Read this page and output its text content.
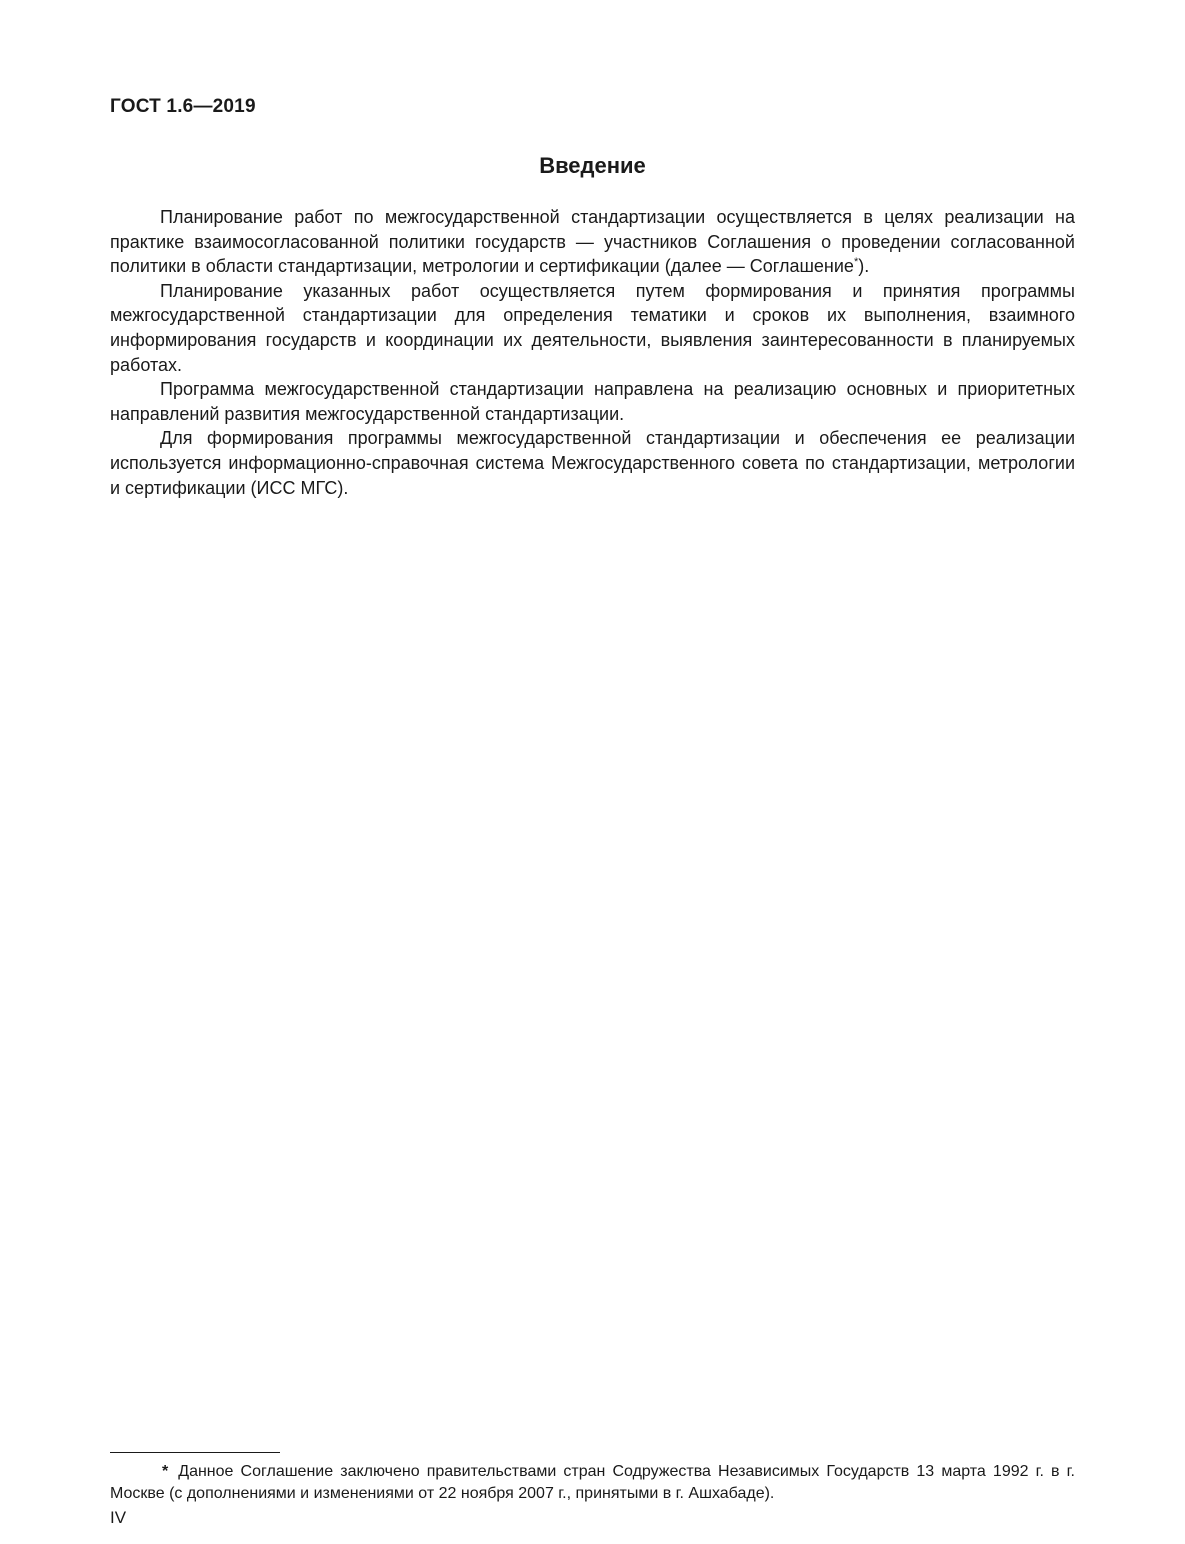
ГОСТ 1.6—2019
Введение

Планирование работ по межгосударственной стандартизации осуществляется в целях реализации на практике взаимосогласованной политики государств — участников Соглашения о проведении согласованной политики в области стандартизации, метрологии и сертификации (далее — Соглашение*).

Планирование указанных работ осуществляется путем формирования и принятия программы межгосударственной стандартизации для определения тематики и сроков их выполнения, взаимного информирования государств и координации их деятельности, выявления заинтересованности в планируемых работах.

Программа межгосударственной стандартизации направлена на реализацию основных и приоритетных направлений развития межгосударственной стандартизации.

Для формирования программы межгосударственной стандартизации и обеспечения ее реализации используется информационно-справочная система Межгосударственного совета по стандартизации, метрологии и сертификации (ИСС МГС).

* Данное Соглашение заключено правительствами стран Содружества Независимых Государств 13 марта 1992 г. в г. Москве (с дополнениями и изменениями от 22 ноября 2007 г., принятыми в г. Ашхабаде).

IV
